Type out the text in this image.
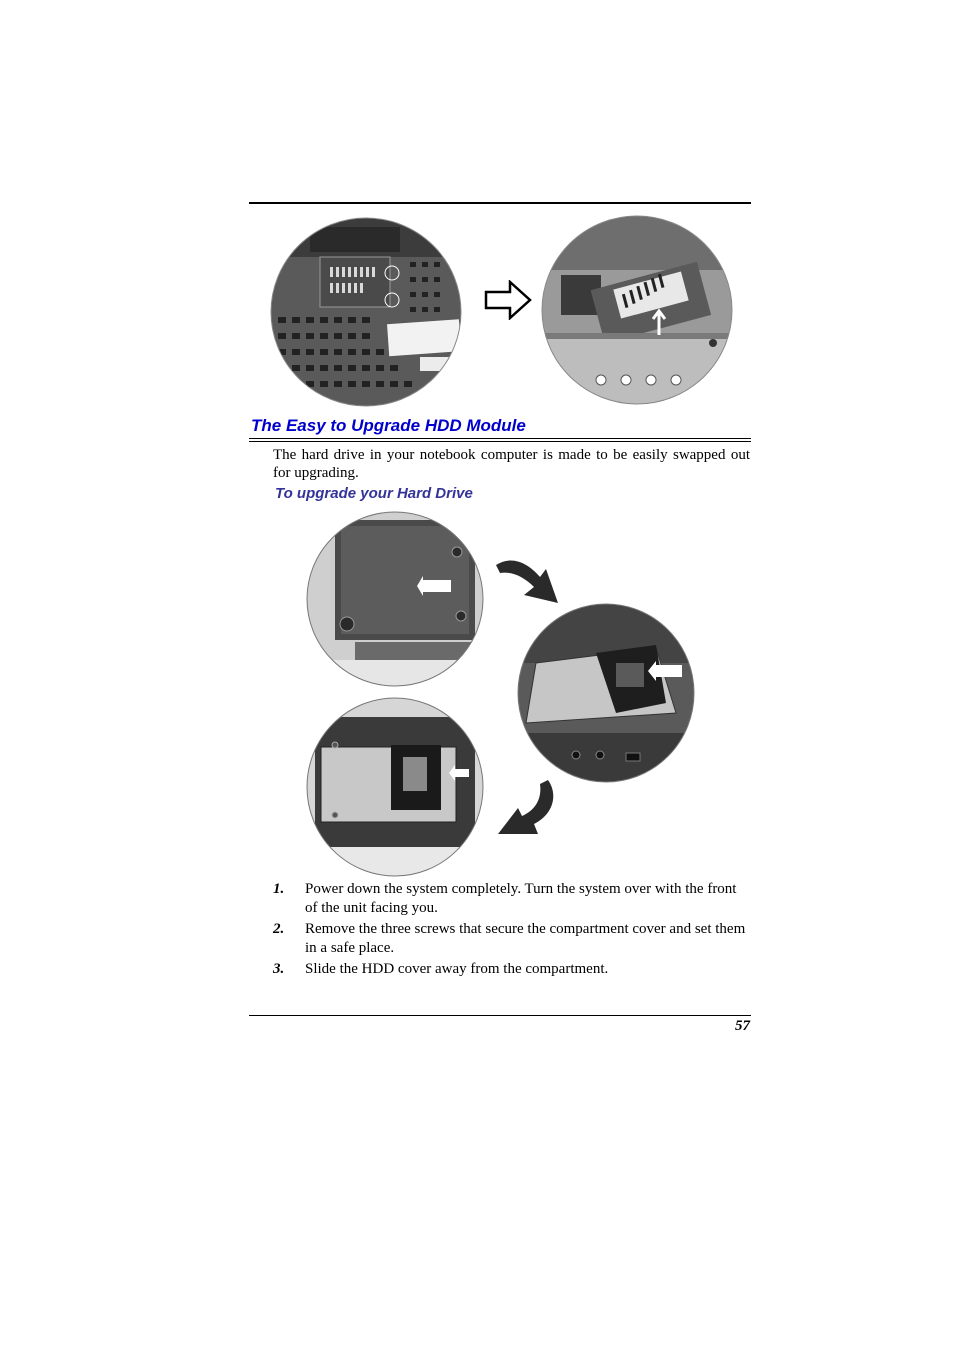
The Easy to Upgrade HDD Module
The hard drive in your notebook computer is made to be easily swapped out for upgrading.
To upgrade your Hard Drive
1.	Power down the system completely. Turn the system over with the front of the unit facing you.
2.	Remove the three screws that secure the compartment cover and set them in a safe place.
3.	Slide the HDD cover away from the compartment.
57
